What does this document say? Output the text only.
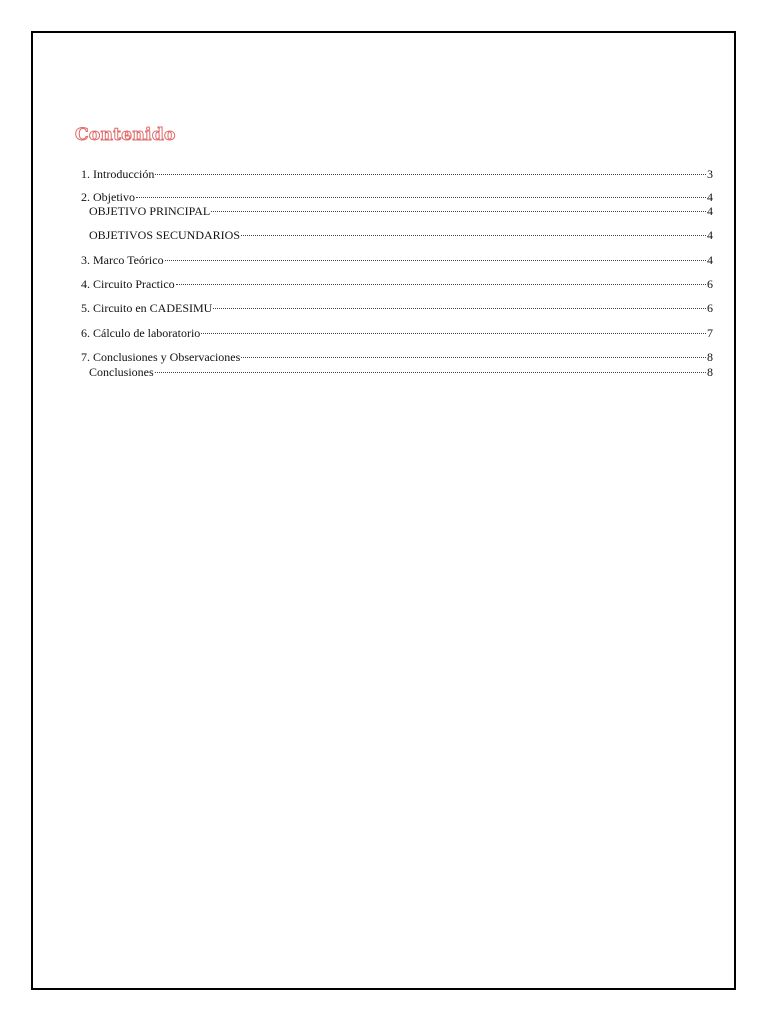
Contenido
1. Introducción	3
2. Objetivo	4
OBJETIVO PRINCIPAL	4
OBJETIVOS SECUNDARIOS	4
3. Marco Teórico	4
4. Circuito Practico	6
5. Circuito en CADESIMU	6
6. Cálculo de laboratorio	7
7. Conclusiones y Observaciones	8
Conclusiones	8
